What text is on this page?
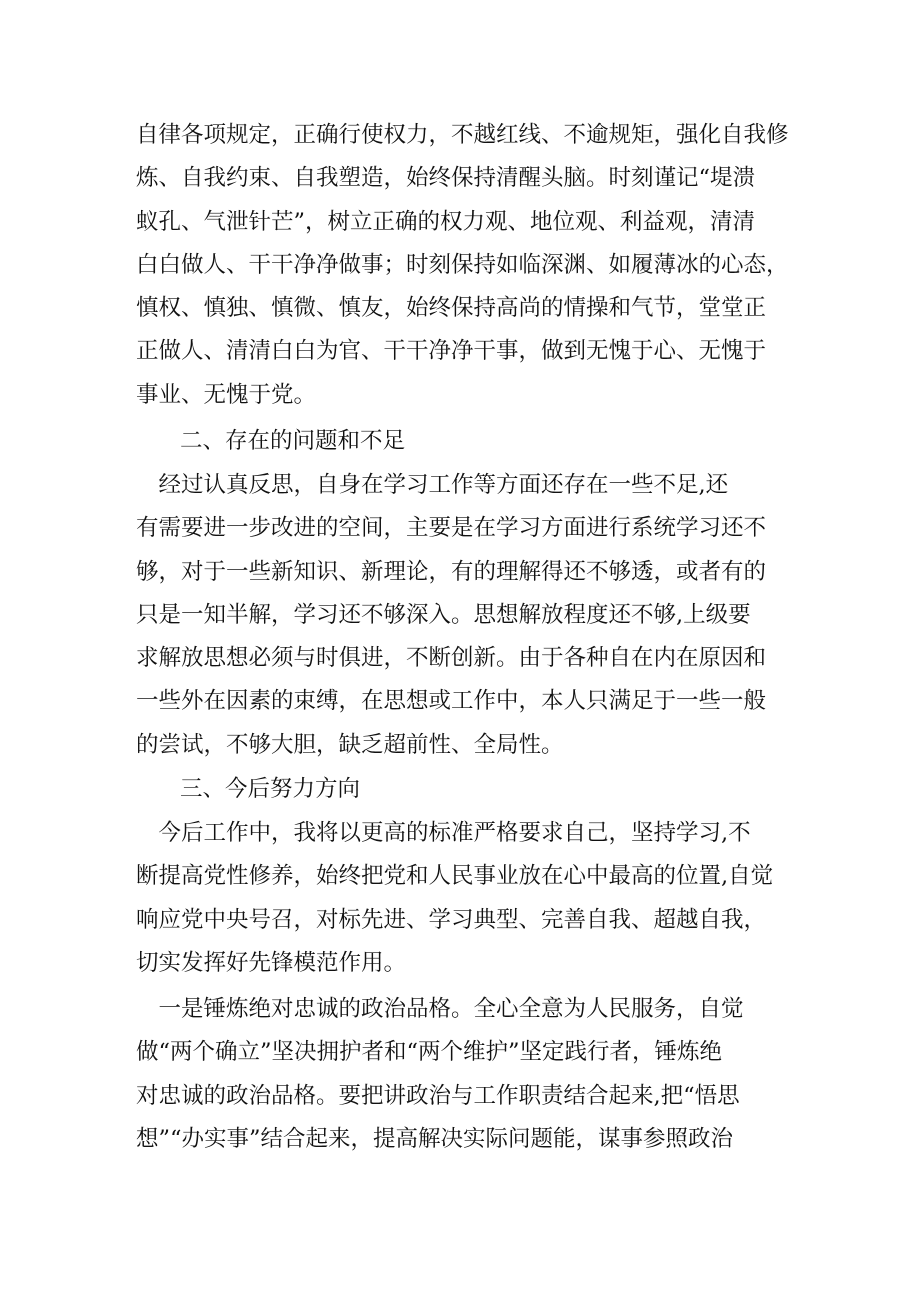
自律各项规定，正确行使权力，不越红线、不逾规矩，强化自我修
炼、自我约束、自我塑造，始终保持清醒头脑。时刻谨记“堤溃
蚁孔、气泄针芒”，树立正确的权力观、地位观、利益观，清清
白白做人、干干净净做事；时刻保持如临深渊、如履薄冰的心态，
慎权、慎独、慎微、慎友，始终保持高尚的情操和气节，堂堂正
正做人、清清白白为官、干干净净干事，做到无愧于心、无愧于
事业、无愧于党。
二、存在的问题和不足
　经过认真反思，自身在学习工作等方面还存在一些不足,还
有需要进一步改进的空间，主要是在学习方面进行系统学习还不
够，对于一些新知识、新理论，有的理解得还不够透，或者有的
只是一知半解，学习还不够深入。思想解放程度还不够,上级要
求解放思想必须与时俱进，不断创新。由于各种自在内在原因和
一些外在因素的束缚，在思想或工作中，本人只满足于一些一般
的尝试，不够大胆，缺乏超前性、全局性。
三、今后努力方向
　今后工作中，我将以更高的标准严格要求自己，坚持学习,不
断提高党性修养，始终把党和人民事业放在心中最高的位置,自觉
响应党中央号召，对标先进、学习典型、完善自我、超越自我，
切实发挥好先锋模范作用。
　一是锤炼绝对忠诚的政治品格。全心全意为人民服务，自觉
做“两个确立”坚决拥护者和“两个维护”坚定践行者，锤炼绝
对忠诚的政治品格。要把讲政治与工作职责结合起来,把“悟思
想”“办实事”结合起来，提高解决实际问题能，谋事参照政治
